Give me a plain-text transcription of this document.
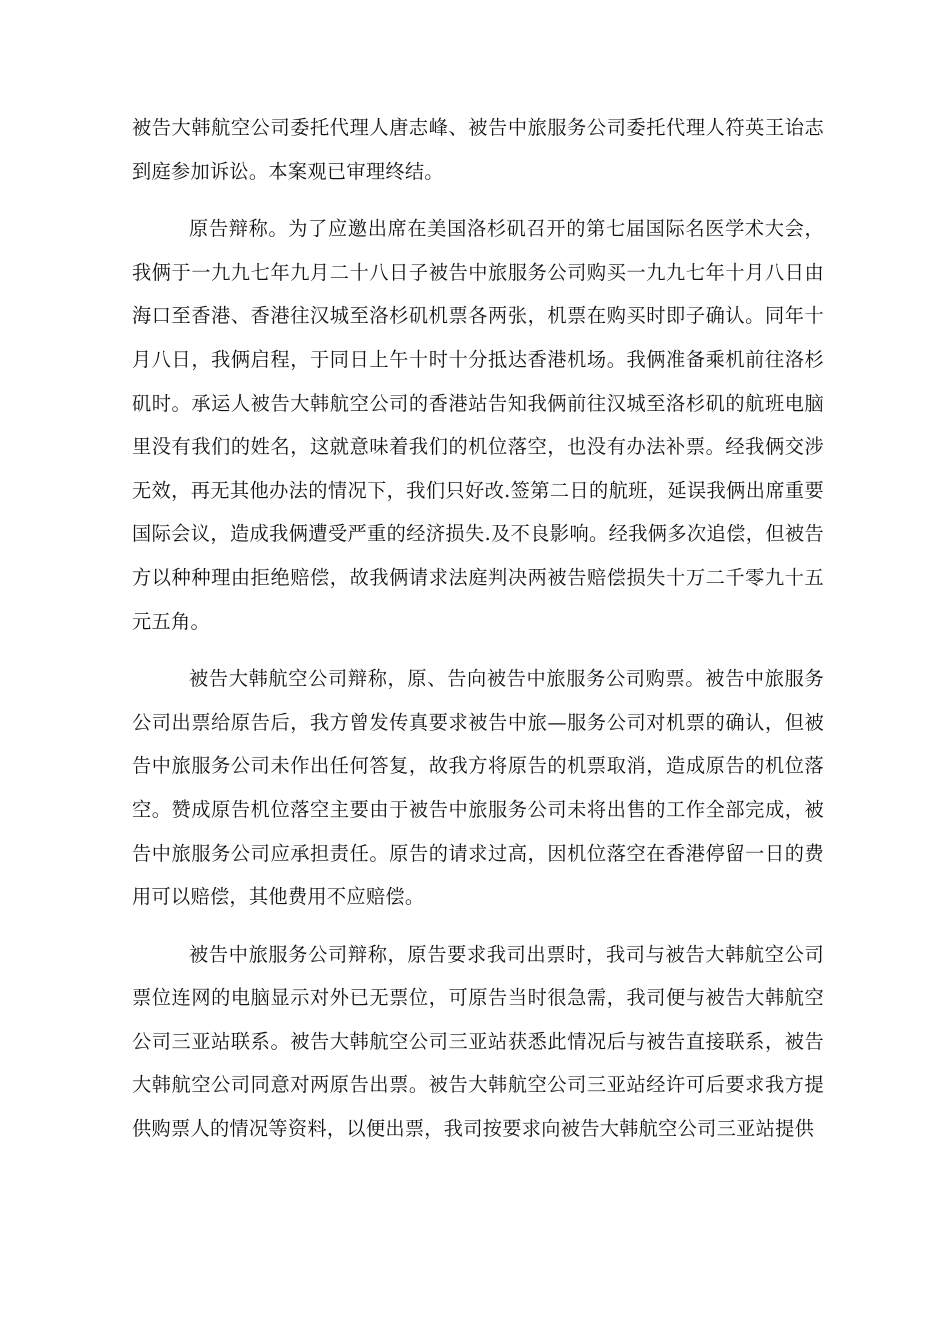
被告大韩航空公司委托代理人唐志峰、被告中旅服务公司委托代理人符英王诒志到庭参加诉讼。本案观已审理终结。

原告辩称。为了应邀出席在美国洛杉矶召开的第七届国际名医学术大会，我俩于一九九七年九月二十八日子被告中旅服务公司购买一九九七年十月八日由海口至香港、香港往汉城至洛杉矶机票各两张，机票在购买时即子确认。同年十月八日，我俩启程，于同日上午十时十分抵达香港机场。我俩准备乘机前往洛杉矶时。承运人被告大韩航空公司的香港站告知我俩前往汉城至洛杉矶的航班电脑里没有我们的姓名，这就意味着我们的机位落空，也没有办法补票。经我俩交涉无效，再无其他办法的情况下，我们只好改.签第二日的航班，延误我俩出席重要国际会议，造成我俩遭受严重的经济损失.及不良影响。经我俩多次追偿，但被告方以种种理由拒绝赔偿，故我俩请求法庭判决两被告赔偿损失十万二千零九十五元五角。

被告大韩航空公司辩称，原、告向被告中旅服务公司购票。被告中旅服务公司出票给原告后，我方曾发传真要求被告中旅—服务公司对机票的确认，但被告中旅服务公司未作出任何答复，故我方将原告的机票取消，造成原告的机位落空。赞成原告机位落空主要由于被告中旅服务公司未将出售的工作全部完成，被告中旅服务公司应承担责任。原告的请求过高，因机位落空在香港停留一日的费用可以赔偿，其他费用不应赔偿。

被告中旅服务公司辩称，原告要求我司出票时，我司与被告大韩航空公司票位连网的电脑显示对外已无票位，可原告当时很急需，我司便与被告大韩航空公司三亚站联系。被告大韩航空公司三亚站获悉此情况后与被告直接联系，被告大韩航空公司同意对两原告出票。被告大韩航空公司三亚站经许可后要求我方提供购票人的情况等资料，以便出票，我司按要求向被告大韩航空公司三亚站提供
